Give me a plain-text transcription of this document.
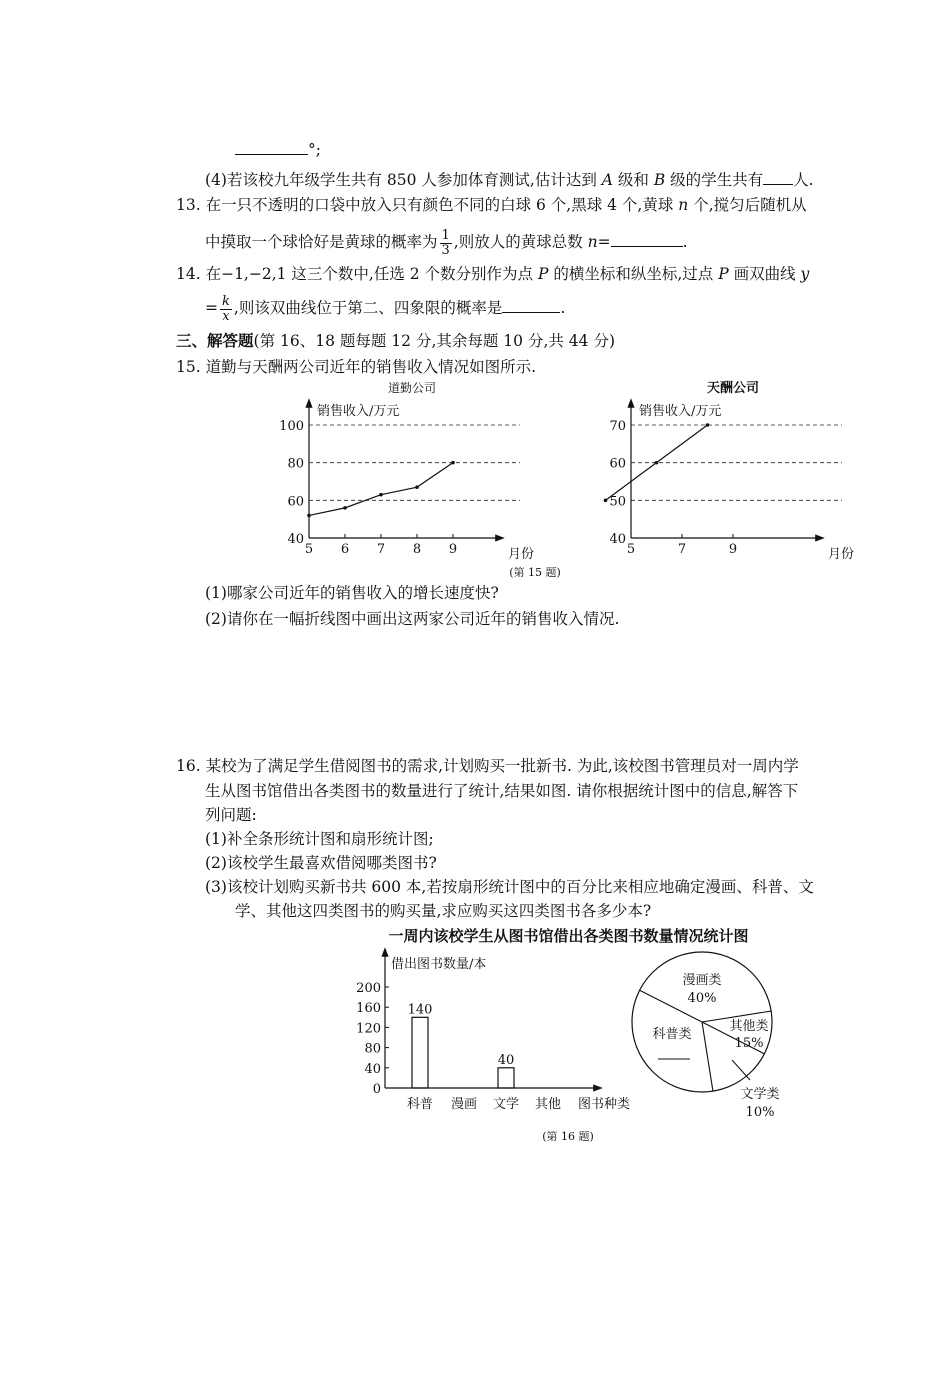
°;
(4)若该校九年级学生共有 850 人参加体育测试,估计达到 A 级和 B 级的学生共有 人.
13. 在一只不透明的口袋中放入只有颜色不同的白球 6 个,黑球 4 个,黄球 n 个,搅匀后随机从
中摸取一个球恰好是黄球的概率为 $\frac{1}{3}$ ,则放人的黄球总数 n=	.
14. 在−1,−2,1 这三个数中,任选 2 个数分别作为点 P 的横坐标和纵坐标,过点 P 画双曲线 y
= $\frac{k}{x}$ ,则该双曲线位于第二、四象限的概率是	.
三、解答题(第 16、18 题每题 12 分,其余每题 10 分,共 44 分)
15. 道勤与天酬两公司近年的销售收入情况如图所示.
道勤公司
销售收入/万元
月份
40
60
80
100
5 6 7 8 9
天酬公司
销售收入/万元
月份
40
50
60
70
5	7	9
(第 15 题)
(1)哪家公司近年的销售收入的增长速度快?
(2)请你在一幅折线图中画出这两家公司近年的销售收入情况.
16. 某校为了满足学生借阅图书的需求,计划购买一批新书. 为此,该校图书管理员对一周内学
生从图书馆借出各类图书的数量进行了统计,结果如图. 请你根据统计图中的信息,解答下
列问题:
(1)补全条形统计图和扇形统计图;
(2)该校学生最喜欢借阅哪类图书?
(3)该校计划购买新书共 600 本,若按扇形统计图中的百分比来相应地确定漫画、科普、文
学、其他这四类图书的购买量,求应购买这四类图书各多少本?
一周内该校学生从图书馆借出各类图书数量情况统计图
借出图书数量/本
0
40
80
120
160
200
科普
140
漫画 文学
40
其他 图书种类
漫画类
40%
科普类
其他类
15%
文学类
10%
(第 16 题)
